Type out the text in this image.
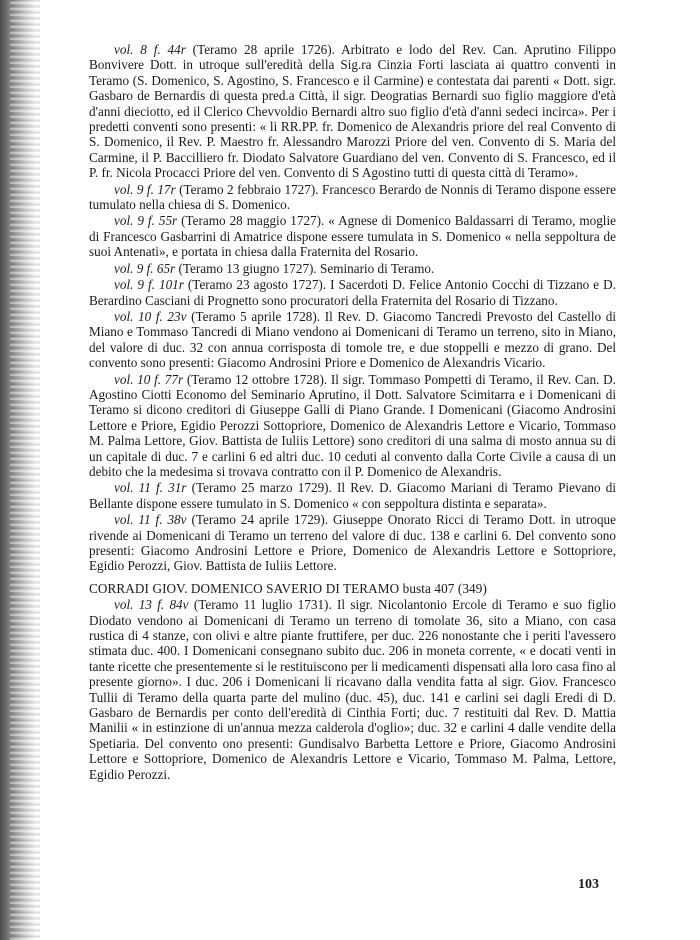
vol. 8 f. 44r (Teramo 28 aprile 1726). Arbitrato e lodo del Rev. Can. Aprutino Filippo Bonvivere Dott. in utroque sull'eredità della Sig.ra Cinzia Forti lasciata ai quattro conventi in Teramo (S. Domenico, S. Agostino, S. Francesco e il Carmine) e contestata dai parenti « Dott. sigr. Gasbaro de Bernardis di questa pred.a Città, il sigr. Deogratias Bernardi suo figlio maggiore d'età d'anni dieciotto, ed il Clerico Chevvoldio Bernardi altro suo figlio d'età d'anni sedeci incirca». Per i predetti conventi sono presenti: « li RR.PP. fr. Domenico de Alexandris priore del real Convento di S. Domenico, il Rev. P. Maestro fr. Alessandro Marozzi Priore del ven. Convento di S. Maria del Carmine, il P. Baccilliero fr. Diodato Salvatore Guardiano del ven. Convento di S. Francesco, ed il P. fr. Nicola Procacci Priore del ven. Convento di S Agostino tutti di questa città di Teramo».

vol. 9 f. 17r (Teramo 2 febbraio 1727). Francesco Berardo de Nonnis di Teramo dispone essere tumulato nella chiesa di S. Domenico.

vol. 9 f. 55r (Teramo 28 maggio 1727). « Agnese di Domenico Baldassarri di Teramo, moglie di Francesco Gasbarrini di Amatrice dispone essere tumulata in S. Domenico « nella seppoltura de suoi Antenati», e portata in chiesa dalla Fraternita del Rosario.

vol. 9 f. 65r (Teramo 13 giugno 1727). Seminario di Teramo.

vol. 9 f. 101r (Teramo 23 agosto 1727). I Sacerdoti D. Felice Antonio Cocchi di Tizzano e D. Berardino Casciani di Prognetto sono procuratori della Fraternita del Rosario di Tizzano.

vol. 10 f. 23v (Teramo 5 aprile 1728). Il Rev. D. Giacomo Tancredi Prevosto del Castello di Miano e Tommaso Tancredi di Miano vendono ai Domenicani di Teramo un terreno, sito in Miano, del valore di duc. 32 con annua corrisposta di tomole tre, e due stoppelli e mezzo di grano. Del convento sono presenti: Giacomo Androsini Priore e Domenico de Alexandris Vicario.

vol. 10 f. 77r (Teramo 12 ottobre 1728). Il sigr. Tommaso Pompetti di Teramo, il Rev. Can. D. Agostino Ciotti Economo del Seminario Aprutino, il Dott. Salvatore Scimitarra e i Domenicani di Teramo si dicono creditori di Giuseppe Galli di Piano Grande. I Domenicani (Giacomo Androsini Lettore e Priore, Egidio Perozzi Sottopriore, Domenico de Alexandris Lettore e Vicario, Tommaso M. Palma Lettore, Giov. Battista de Iuliis Lettore) sono creditori di una salma di mosto annua su di un capitale di duc. 7 e carlini 6 ed altri duc. 10 ceduti al convento dalla Corte Civile a causa di un debito che la medesima si trovava contratto con il P. Domenico de Alexandris.

vol. 11 f. 31r (Teramo 25 marzo 1729). Il Rev. D. Giacomo Mariani di Teramo Pievano di Bellante dispone essere tumulato in S. Domenico « con seppoltura distinta e separata».

vol. 11 f. 38v (Teramo 24 aprile 1729). Giuseppe Onorato Ricci di Teramo Dott. in utroque rivende ai Domenicani di Teramo un terreno del valore di duc. 138 e carlini 6. Del convento sono presenti: Giacomo Androsini Lettore e Priore, Domenico de Alexandris Lettore e Sottopriore, Egidio Perozzi, Giov. Battista de Iuliis Lettore.

CORRADI GIOV. DOMENICO SAVERIO DI TERAMO busta 407 (349)

vol. 13 f. 84v (Teramo 11 luglio 1731). Il sigr. Nicolantonio Ercole di Teramo e suo figlio Diodato vendono ai Domenicani di Teramo un terreno di tomolate 36, sito a Miano, con casa rustica di 4 stanze, con olivi e altre piante fruttifere, per duc. 226 nonostante che i periti l'avessero stimata duc. 400. I Domenicani consegnano subito duc. 206 in moneta corrente, « e docati venti in tante ricette che presentemente si le restituiscono per li medicamenti dispensati alla loro casa fino al presente giorno». I duc. 206 i Domenicani li ricavano dalla vendita fatta al sigr. Giov. Francesco Tullii di Teramo della quarta parte del mulino (duc. 45), duc. 141 e carlini sei dagli Eredi di D. Gasbaro de Bernardis per conto dell'eredità di Cinthia Forti; duc. 7 restituiti dal Rev. D. Mattia Manilii « in estinzione di un'annua mezza calderola d'oglio»; duc. 32 e carlini 4 dalle vendite della Spetiaria. Del convento ono presenti: Gundisalvo Barbetta Lettore e Priore, Giacomo Androsini Lettore e Sottopriore, Domenico de Alexandris Lettore e Vicario, Tommaso M. Palma, Lettore, Egidio Perozzi.

103
